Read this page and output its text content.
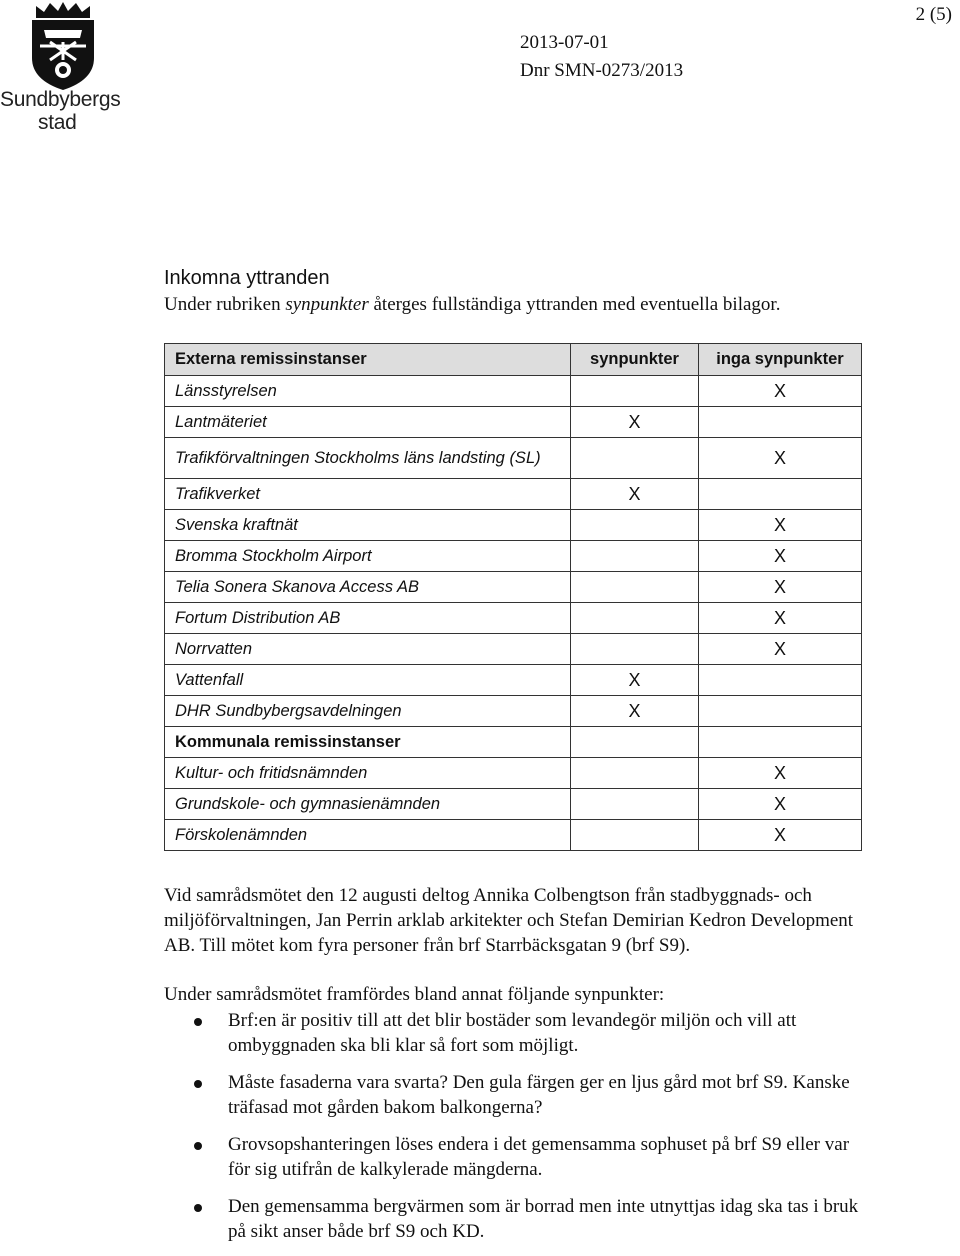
Sundbybergs
stad
2 (5)
2013-07-01
Dnr SMN-0273/2013
Inkomna yttranden
Under rubriken synpunkter återges fullständiga yttranden med eventuella bilagor.
Externa remissinstanser	synpunkter	inga synpunkter
Länsstyrelsen		X
Lantmäteriet	X	
Trafikförvaltningen Stockholms läns landsting (SL)		X
Trafikverket	X	
Svenska kraftnät		X
Bromma Stockholm Airport		X
Telia Sonera Skanova Access AB		X
Fortum Distribution AB		X
Norrvatten		X
Vattenfall	X	
DHR Sundbybergsavdelningen	X	
Kommunala remissinstanser		
Kultur- och fritidsnämnden		X
Grundskole- och gymnasienämnden		X
Förskolenämnden		X
Vid samrådsmötet den 12 augusti deltog Annika Colbengtson från stadbyggnads- och miljöförvaltningen, Jan Perrin arklab arkitekter och Stefan Demirian Kedron Development AB. Till mötet kom fyra personer från brf Starrbäcksgatan 9 (brf S9).
Under samrådsmötet framfördes bland annat följande synpunkter:
Brf:en är positiv till att det blir bostäder som levandegör miljön och vill att ombyggnaden ska bli klar så fort som möjligt.
Måste fasaderna vara svarta? Den gula färgen ger en ljus gård mot brf S9. Kanske träfasad mot gården bakom balkongerna?
Grovsopshanteringen löses endera i det gemensamma sophuset på brf S9 eller var för sig utifrån de kalkylerade mängderna.
Den gemensamma bergvärmen som är borrad men inte utnyttjas idag ska tas i bruk på sikt anser både brf S9 och KD.
